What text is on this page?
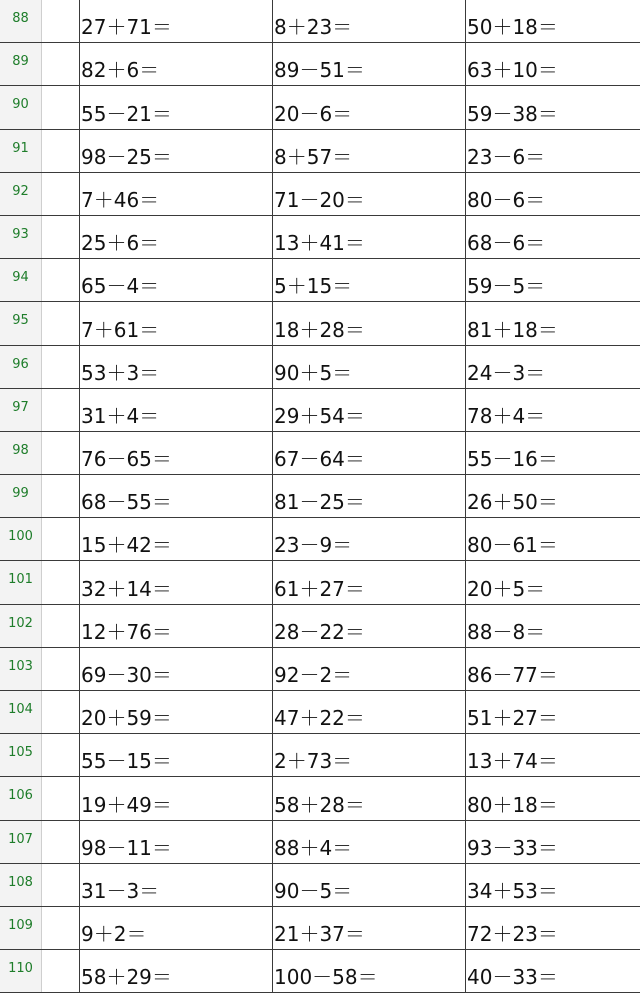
88	27＋71＝	8＋23＝	50＋18＝
89	82＋6＝	89－51＝	63＋10＝
90	55－21＝	20－6＝	59－38＝
91	98－25＝	8＋57＝	23－6＝
92	7＋46＝	71－20＝	80－6＝
93	25＋6＝	13＋41＝	68－6＝
94	65－4＝	5＋15＝	59－5＝
95	7＋61＝	18＋28＝	81＋18＝
96	53＋3＝	90＋5＝	24－3＝
97	31＋4＝	29＋54＝	78＋4＝
98	76－65＝	67－64＝	55－16＝
99	68－55＝	81－25＝	26＋50＝
100	15＋42＝	23－9＝	80－61＝
101	32＋14＝	61＋27＝	20＋5＝
102	12＋76＝	28－22＝	88－8＝
103	69－30＝	92－2＝	86－77＝
104	20＋59＝	47＋22＝	51＋27＝
105	55－15＝	2＋73＝	13＋74＝
106	19＋49＝	58＋28＝	80＋18＝
107	98－11＝	88＋4＝	93－33＝
108	31－3＝	90－5＝	34＋53＝
109	9＋2＝	21＋37＝	72＋23＝
110	58＋29＝	100－58＝	40－33＝
